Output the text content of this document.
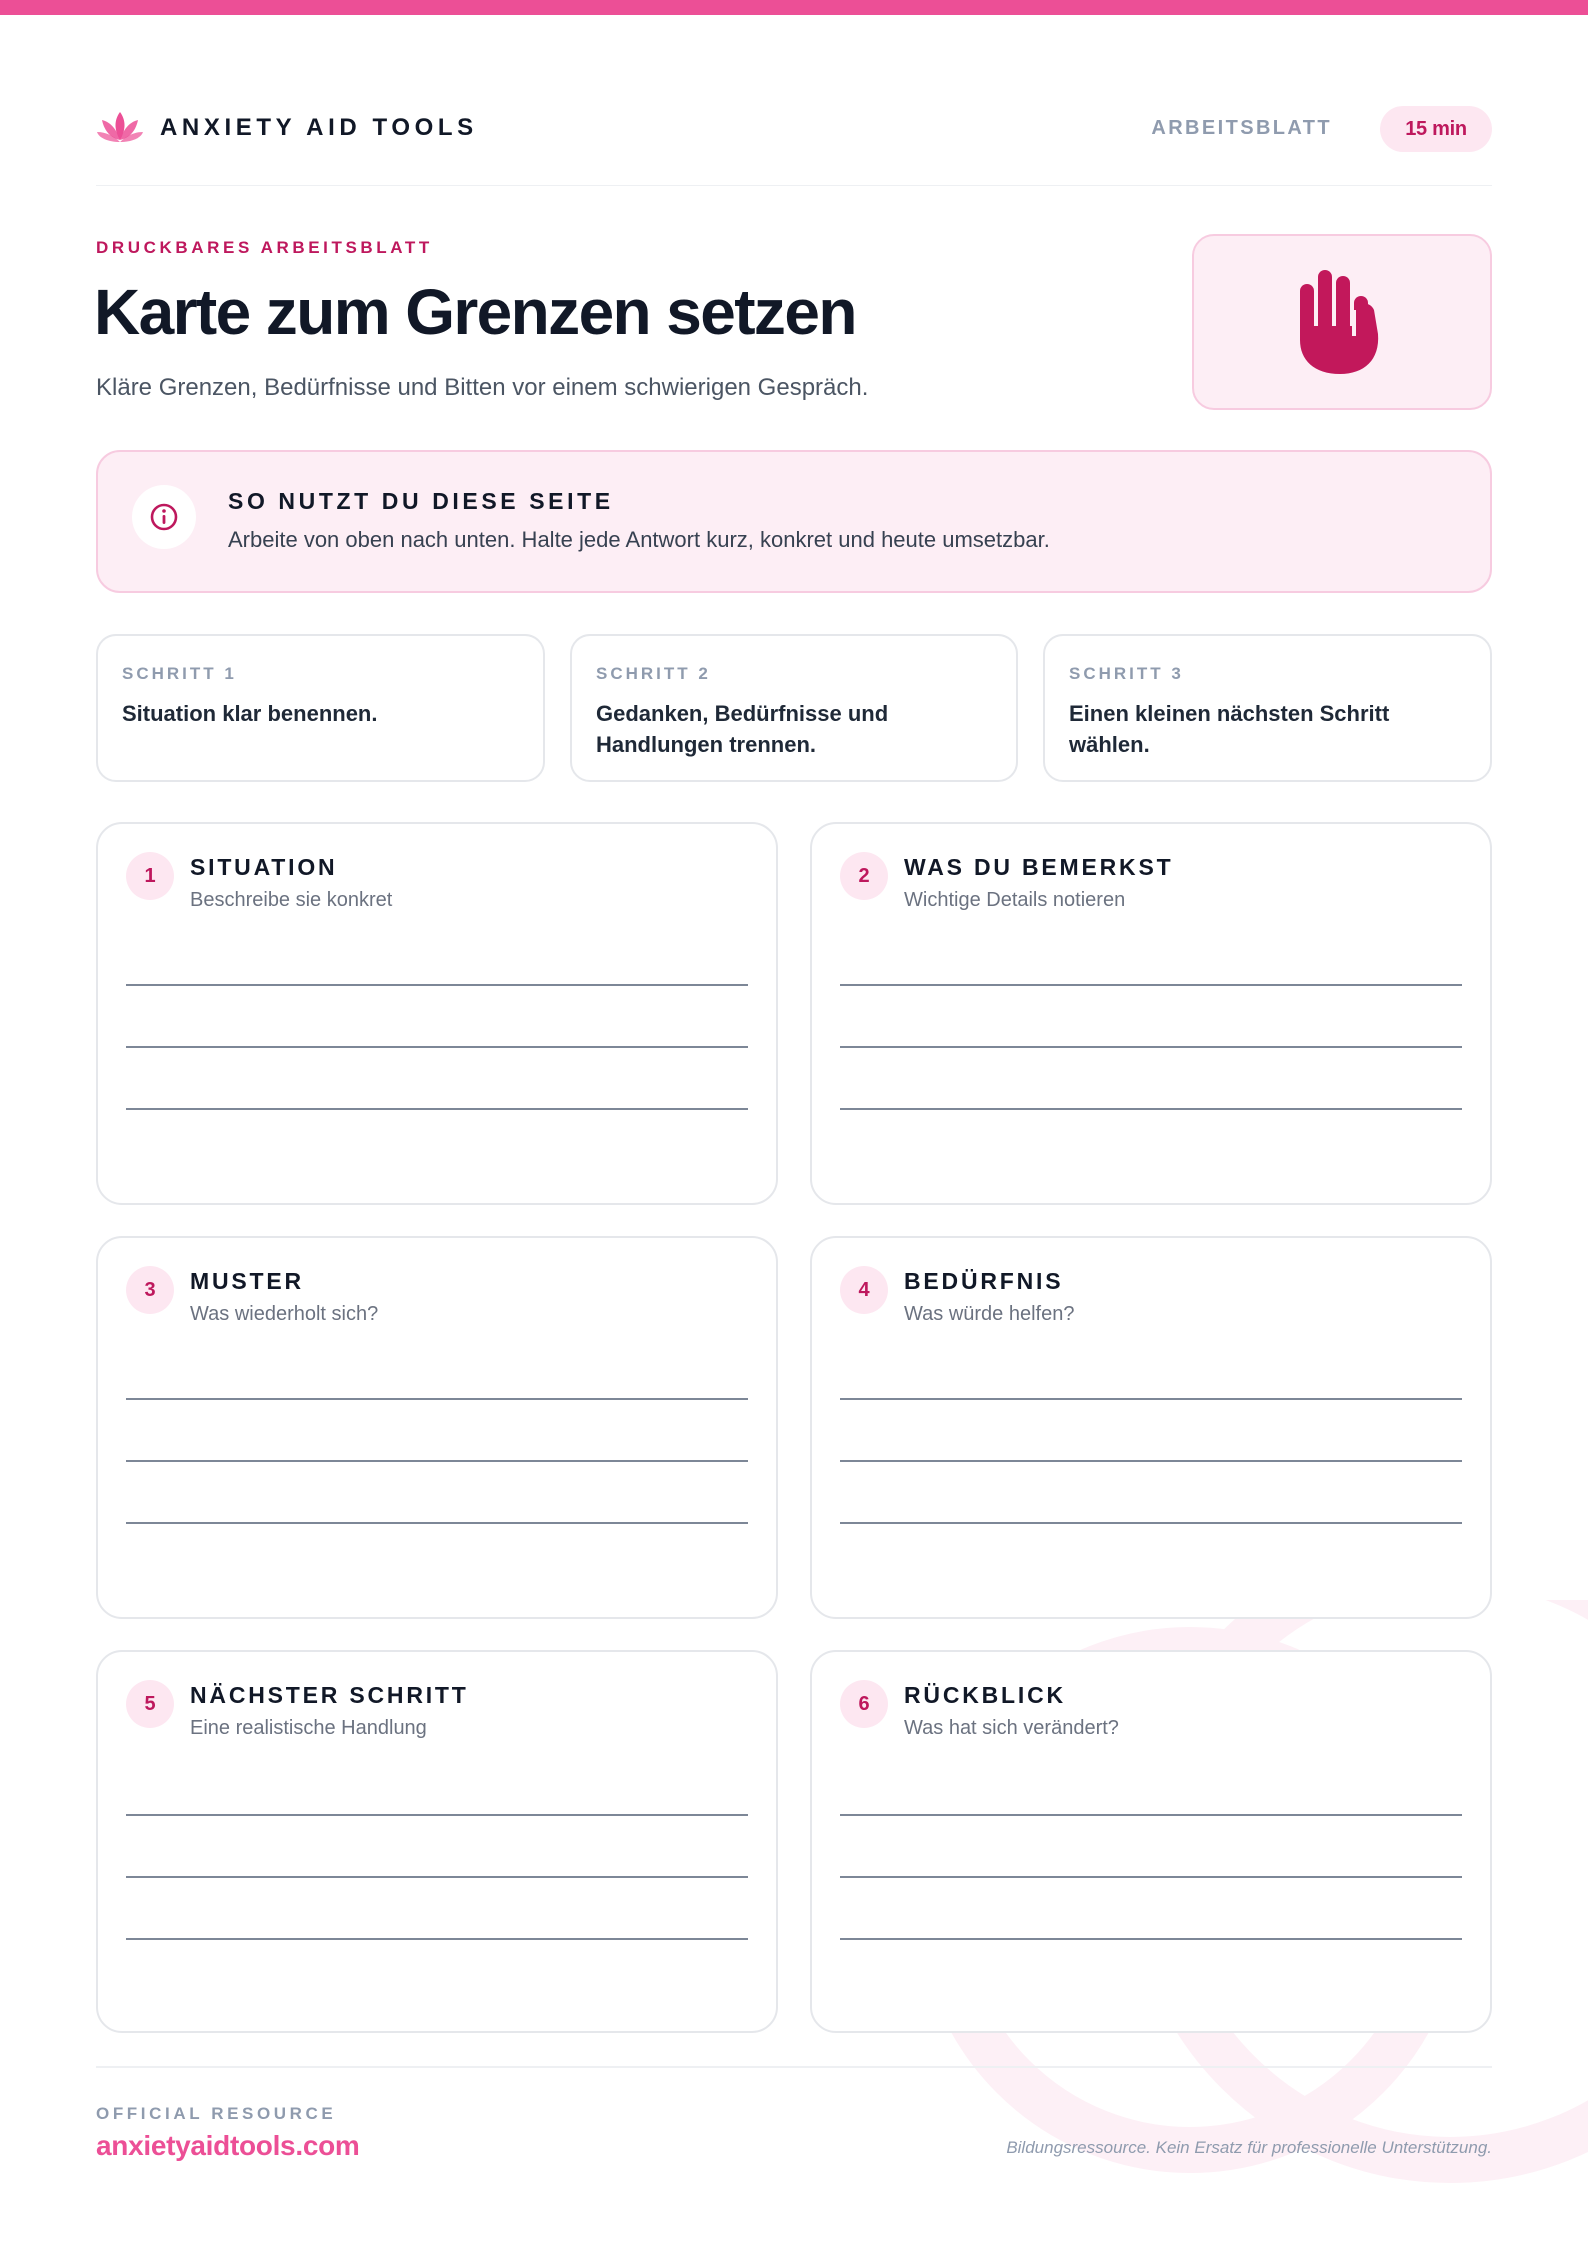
ANXIETY AID TOOLS	ARBEITSBLATT	15 min
DRUCKBARES ARBEITSBLATT
Karte zum Grenzen setzen

Kläre Grenzen, Bedürfnisse und Bitten vor einem schwierigen Gespräch.

SO NUTZT DU DIESE SEITE
Arbeite von oben nach unten. Halte jede Antwort kurz, konkret und heute umsetzbar.
SCHRITT 1
Situation klar benennen.
SCHRITT 2
Gedanken, Bedürfnisse und Handlungen trennen.
SCHRITT 3
Einen kleinen nächsten Schritt wählen.
1	SITUATION
Beschreibe sie konkret
2	WAS DU BEMERKST
Wichtige Details notieren
3	MUSTER
Was wiederholt sich?
4	BEDÜRFNIS
Was würde helfen?
5	NÄCHSTER SCHRITT
Eine realistische Handlung
6	RÜCKBLICK
Was hat sich verändert?
OFFICIAL RESOURCE
anxietyaidtools.com	Bildungsressource. Kein Ersatz für professionelle Unterstützung.
